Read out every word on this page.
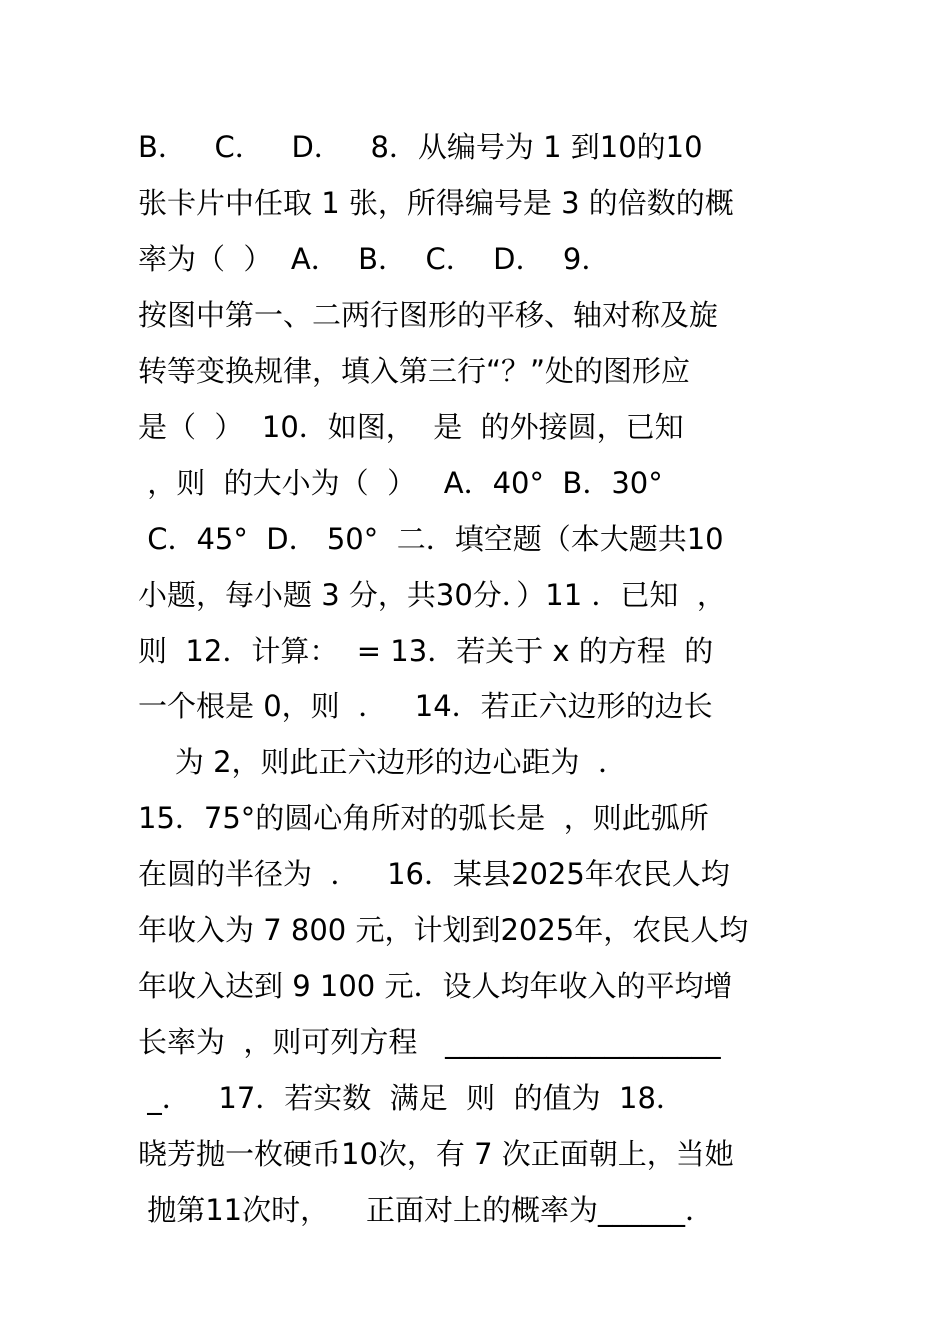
B．   C．   D．   8．从编号为 1 到10的10
张卡片中任取 1 张，所得编号是 3 的倍数的概
率为（  ）  A．  B．  C．  D．  9．
按图中第一、二两行图形的平移、轴对称及旋
转等变换规律，填入第三行“？”处的图形应
是（  ）  10．如图，  是  的外接圆，已知
，则  的大小为（  ）   A．40°  B．30°
C．45°  D． 50°  二．填空题（本大题共10
小题，每小题 3 分，共30分．）11 ．已知  ，
则  12．计算：  = 13．若关于 x 的方程  的
一个根是 0，则  ．   14．若正六边形的边长
为 2，则此正六边形的边心距为  ．
15．75°的圆心角所对的弧长是  ，则此弧所
在圆的半径为  ．   16．某县2025年农民人均
年收入为 7 800 元，计划到2025年，农民人均
年收入达到 9 100 元．设人均年收入的平均增
长率为  ，则可列方程   ___________________
_．   17．若实数  满足  则  的值为  18．
晓芳抛一枚硬币10次，有 7 次正面朝上，当她
抛第11次时，    正面对上的概率为______．
